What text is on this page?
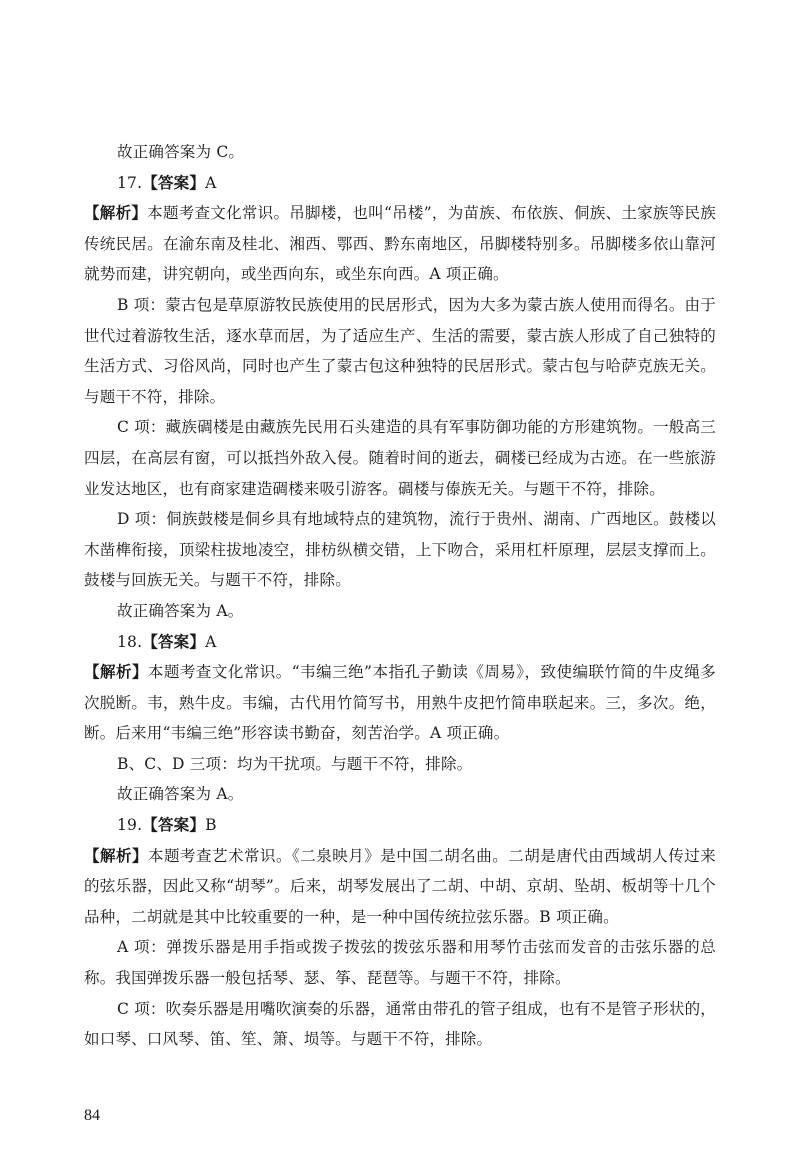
故正确答案为 C。

17.【答案】A

【解析】本题考查文化常识。吊脚楼，也叫“吊楼”，为苗族、布依族、侗族、土家族等民族传统民居。在渝东南及桂北、湘西、鄂西、黔东南地区，吊脚楼特别多。吊脚楼多依山靠河就势而建，讲究朝向，或坐西向东，或坐东向西。A 项正确。

B 项：蒙古包是草原游牧民族使用的民居形式，因为大多为蒙古族人使用而得名。由于世代过着游牧生活，逐水草而居，为了适应生产、生活的需要，蒙古族人形成了自己独特的生活方式、习俗风尚，同时也产生了蒙古包这种独特的民居形式。蒙古包与哈萨克族无关。与题干不符，排除。

C 项：藏族碉楼是由藏族先民用石头建造的具有军事防御功能的方形建筑物。一般高三四层，在高层有窗，可以抵挡外敌入侵。随着时间的逝去，碉楼已经成为古迹。在一些旅游业发达地区，也有商家建造碉楼来吸引游客。碉楼与傣族无关。与题干不符，排除。

D 项：侗族鼓楼是侗乡具有地域特点的建筑物，流行于贵州、湖南、广西地区。鼓楼以木凿榫衔接，顶梁柱拔地凌空，排枋纵横交错，上下吻合，采用杠杆原理，层层支撑而上。鼓楼与回族无关。与题干不符，排除。

故正确答案为 A。

18.【答案】A

【解析】本题考查文化常识。“韦编三绝”本指孔子勤读《周易》，致使编联竹简的牛皮绳多次脱断。韦，熟牛皮。韦编，古代用竹简写书，用熟牛皮把竹简串联起来。三，多次。绝，断。后来用“韦编三绝”形容读书勤奋，刻苦治学。A 项正确。

B、C、D 三项：均为干扰项。与题干不符，排除。

故正确答案为 A。

19.【答案】B

【解析】本题考查艺术常识。《二泉映月》是中国二胡名曲。二胡是唐代由西域胡人传过来的弦乐器，因此又称“胡琴”。后来，胡琴发展出了二胡、中胡、京胡、坠胡、板胡等十几个品种，二胡就是其中比较重要的一种，是一种中国传统拉弦乐器。B 项正确。

A 项：弹拨乐器是用手指或拨子拨弦的拨弦乐器和用琴竹击弦而发音的击弦乐器的总称。我国弹拨乐器一般包括琴、瑟、筝、琵琶等。与题干不符，排除。

C 项：吹奏乐器是用嘴吹演奏的乐器，通常由带孔的管子组成，也有不是管子形状的，如口琴、口风琴、笛、笙、箫、埙等。与题干不符，排除。

84
